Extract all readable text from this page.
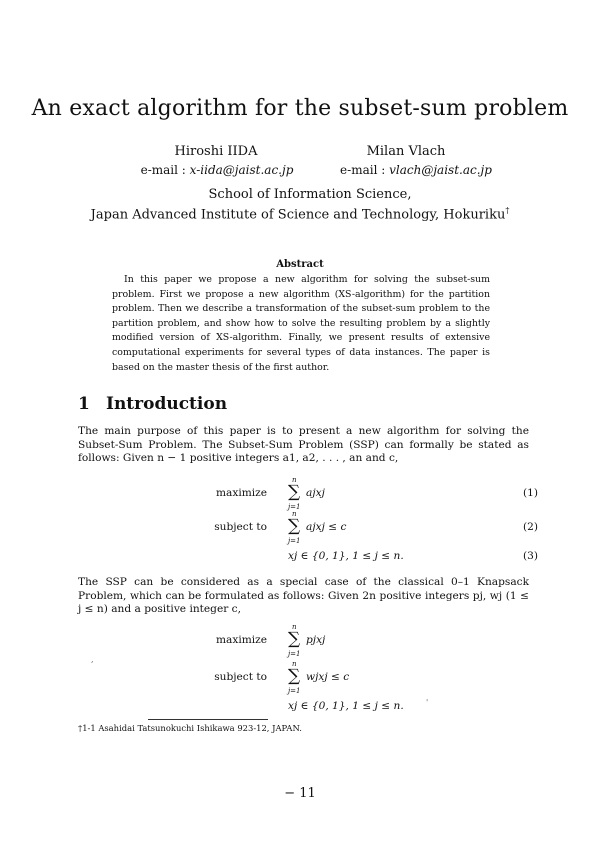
An exact algorithm for the subset-sum problem
Hiroshi IIDA	Milan Vlach
e-mail : x-iida@jaist.ac.jp	e-mail : vlach@jaist.ac.jp
School of Information Science,
Japan Advanced Institute of Science and Technology, Hokuriku†
Abstract
In this paper we propose a new algorithm for solving the subset-sum problem. First we propose a new algorithm (XS-algorithm) for the partition problem. Then we describe a transformation of the subset-sum problem to the partition problem, and show how to solve the resulting problem by a slightly modified version of XS-algorithm. Finally, we present results of extensive computational experiments for several types of data instances. The paper is based on the master thesis of the first author.
1 Introduction
The main purpose of this paper is to present a new algorithm for solving the Subset-Sum Problem. The Subset-Sum Problem (SSP) can formally be stated as follows: Given n − 1 positive integers a1, a2, . . . , an and c,
maximize
n
∑
j=1
ajxj	(1)
subject to
n
∑
j=1
ajxj ≤ c	(2)
xj ∈ {0, 1}, 1 ≤ j ≤ n.	(3)
The SSP can be considered as a special case of the classical 0–1 Knapsack Problem, which can be formulated as follows: Given 2n positive integers pj, wj (1 ≤ j ≤ n) and a positive integer c,
maximize
n
∑
j=1
pjxj
subject to
n
∑
j=1
wjxj ≤ c
xj ∈ {0, 1}, 1 ≤ j ≤ n.
,
'
†1-1 Asahidai Tatsunokuchi Ishikawa 923-12, JAPAN.
− 11
